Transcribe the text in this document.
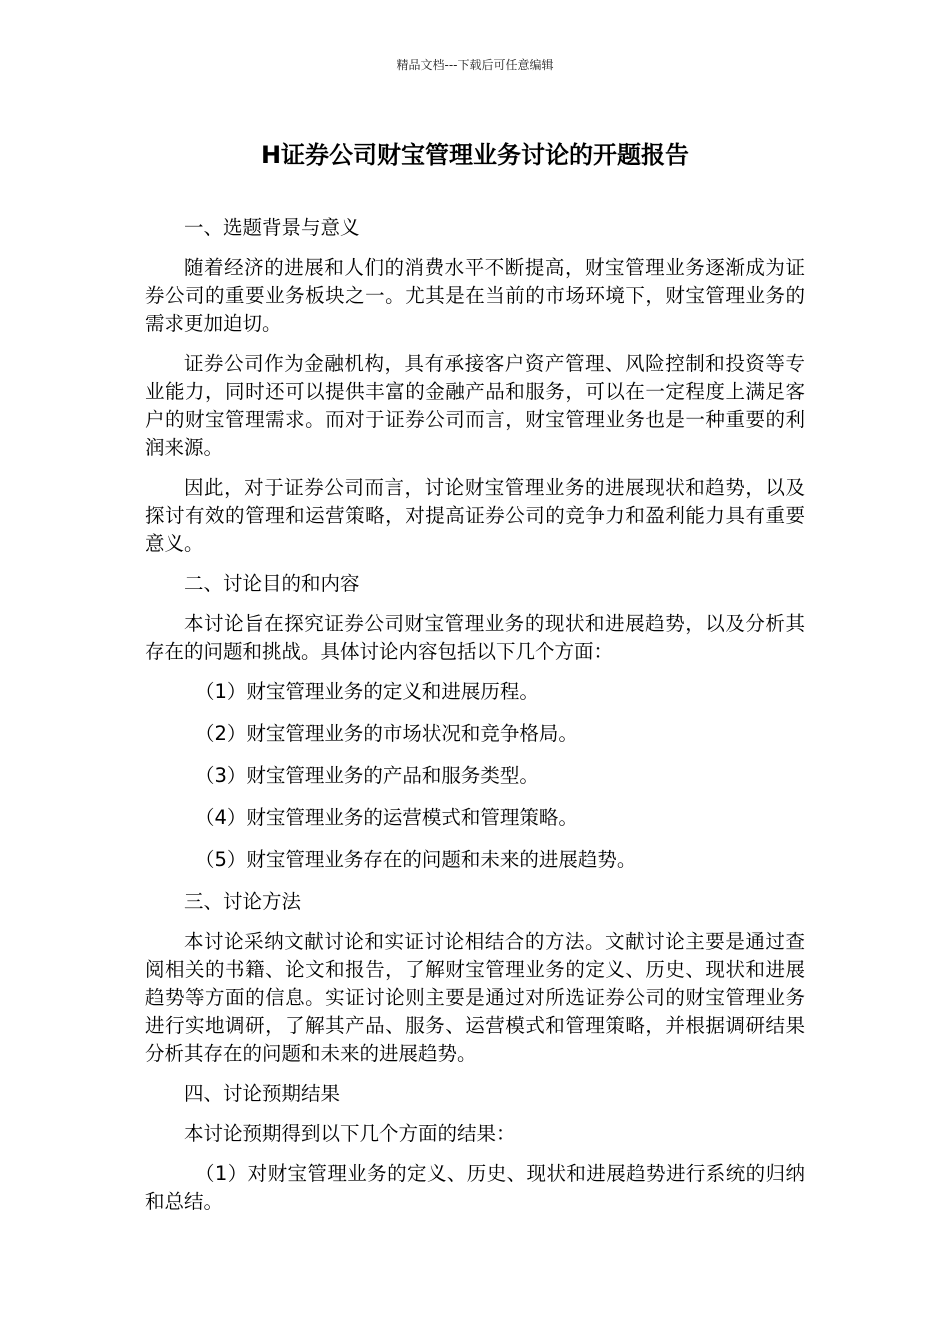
精品文档---下载后可任意编辑
H证券公司财宝管理业务讨论的开题报告

一、选题背景与意义

随着经济的进展和人们的消费水平不断提高，财宝管理业务逐渐成为证券公司的重要业务板块之一。尤其是在当前的市场环境下，财宝管理业务的需求更加迫切。

证券公司作为金融机构，具有承接客户资产管理、风险控制和投资等专业能力，同时还可以提供丰富的金融产品和服务，可以在一定程度上满足客户的财宝管理需求。而对于证券公司而言，财宝管理业务也是一种重要的利润来源。

因此，对于证券公司而言，讨论财宝管理业务的进展现状和趋势，以及探讨有效的管理和运营策略，对提高证券公司的竞争力和盈利能力具有重要意义。

二、讨论目的和内容

本讨论旨在探究证券公司财宝管理业务的现状和进展趋势，以及分析其存在的问题和挑战。具体讨论内容包括以下几个方面：

（1）财宝管理业务的定义和进展历程。

（2）财宝管理业务的市场状况和竞争格局。

（3）财宝管理业务的产品和服务类型。

（4）财宝管理业务的运营模式和管理策略。

（5）财宝管理业务存在的问题和未来的进展趋势。

三、讨论方法

本讨论采纳文献讨论和实证讨论相结合的方法。文献讨论主要是通过查阅相关的书籍、论文和报告，了解财宝管理业务的定义、历史、现状和进展趋势等方面的信息。实证讨论则主要是通过对所选证券公司的财宝管理业务进行实地调研，了解其产品、服务、运营模式和管理策略，并根据调研结果分析其存在的问题和未来的进展趋势。

四、讨论预期结果

本讨论预期得到以下几个方面的结果：

（1）对财宝管理业务的定义、历史、现状和进展趋势进行系统的归纳和总结。
